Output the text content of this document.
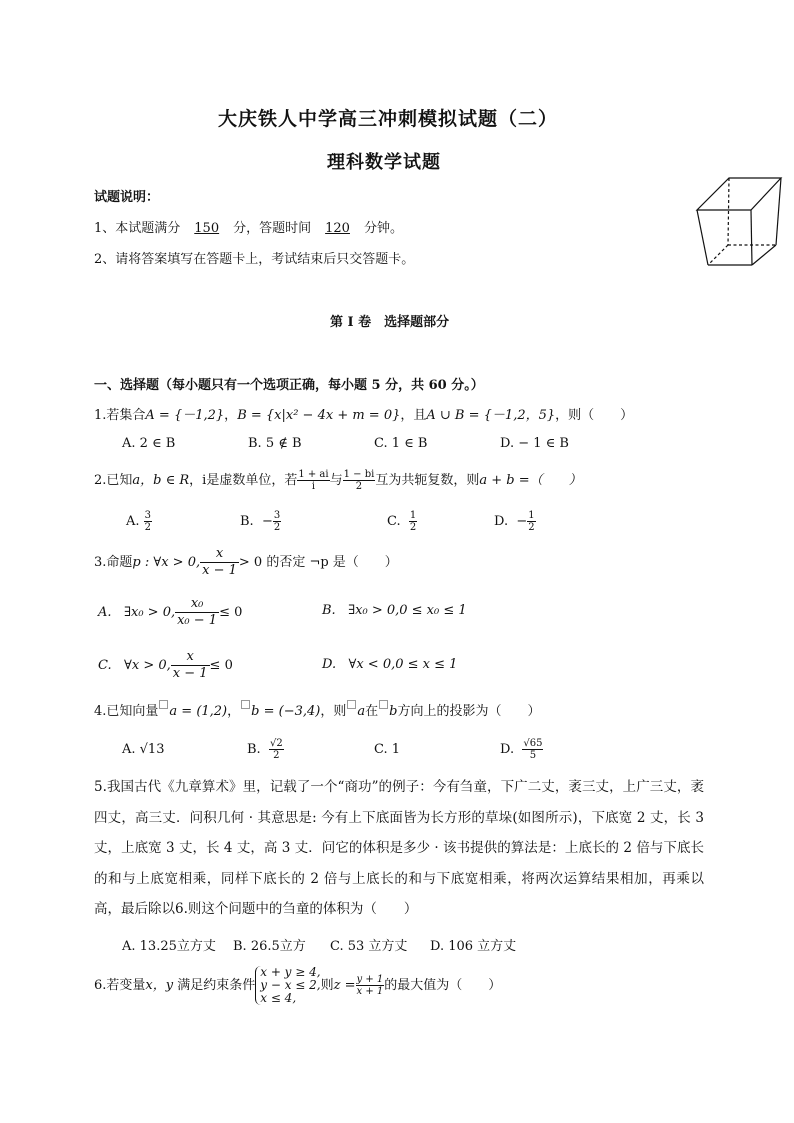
大庆铁人中学高三冲刺模拟试题（二）
理科数学试题
试题说明：
1、本试题满分 150 分，答题时间 120 分钟。
2、请将答案填写在答题卡上，考试结束后只交答题卡。
第 I 卷　选择题部分
一、选择题（每小题只有一个选项正确，每小题 5 分，共 60 分。）
1.若集合A = {－1,2}，B = {x|x² − 4x + m = 0}，且A ∪ B = {－1,2，5}，则（　　）
A. 2 ∈ B	B. 5 ∉ B	C. 1 ∈ B	D. − 1 ∈ B
2.已知a，b ∈ R，i是虚数单位，若 $\frac{1 + ai}{i}$ 与 $\frac{1 - bi}{2}$ 互为共轭复数，则a + b =（　　）
A. $\frac{3}{2}$	B. − $\frac{3}{2}$	C. $\frac{1}{2}$	D. − $\frac{1}{2}$
3.命题p : ∀x > 0, $\frac{x}{x - 1} > 0$ 的否定 ¬p 是（　　）
A. ∃x₀ > 0, $\frac{\text{x₀}}{\text{x₀ − 1}} \le 0$	B. ∃x₀ > 0,0 ≤ x₀ ≤ 1
C. ∀x > 0, $\frac{x}{x - 1} \le 0$	D. ∀x < 0,0 ≤ x ≤ 1
4.已知向量 a = (1,2)， b = (−3,4)，则 a在 b方向上的投影为（　　）
A. √13	B. $\frac{√2}{2}$	C. 1	D. $\frac{√65}{5}$
5.我国古代《九章算术》里，记载了一个“商功”的例子：今有刍童，下广二丈，袤三丈，上广三丈，袤四丈，高三丈．问积几何 · 其意思是: 今有上下底面皆为长方形的草垛(如图所示)，下底宽 2 丈，长 3 丈，上底宽 3 丈，长 4 丈，高 3 丈．问它的体积是多少 · 该书提供的算法是：上底长的 2 倍与下底长的和与上底宽相乘，同样下底长的 2 倍与上底长的和与下底宽相乘，将两次运算结果相加，再乘以高，最后除以6.则这个问题中的刍童的体积为（　　）
A. 13.25立方丈 B. 26.5立方 C. 53 立方丈 D. 106 立方丈
6.若变量x，y 满足约束条件
x + y ≥ 4,
y − x ≤ 2,
x ≤ 4,
则$z = \frac{y + 1}{x + 1}$ 的最大值为（　　）
